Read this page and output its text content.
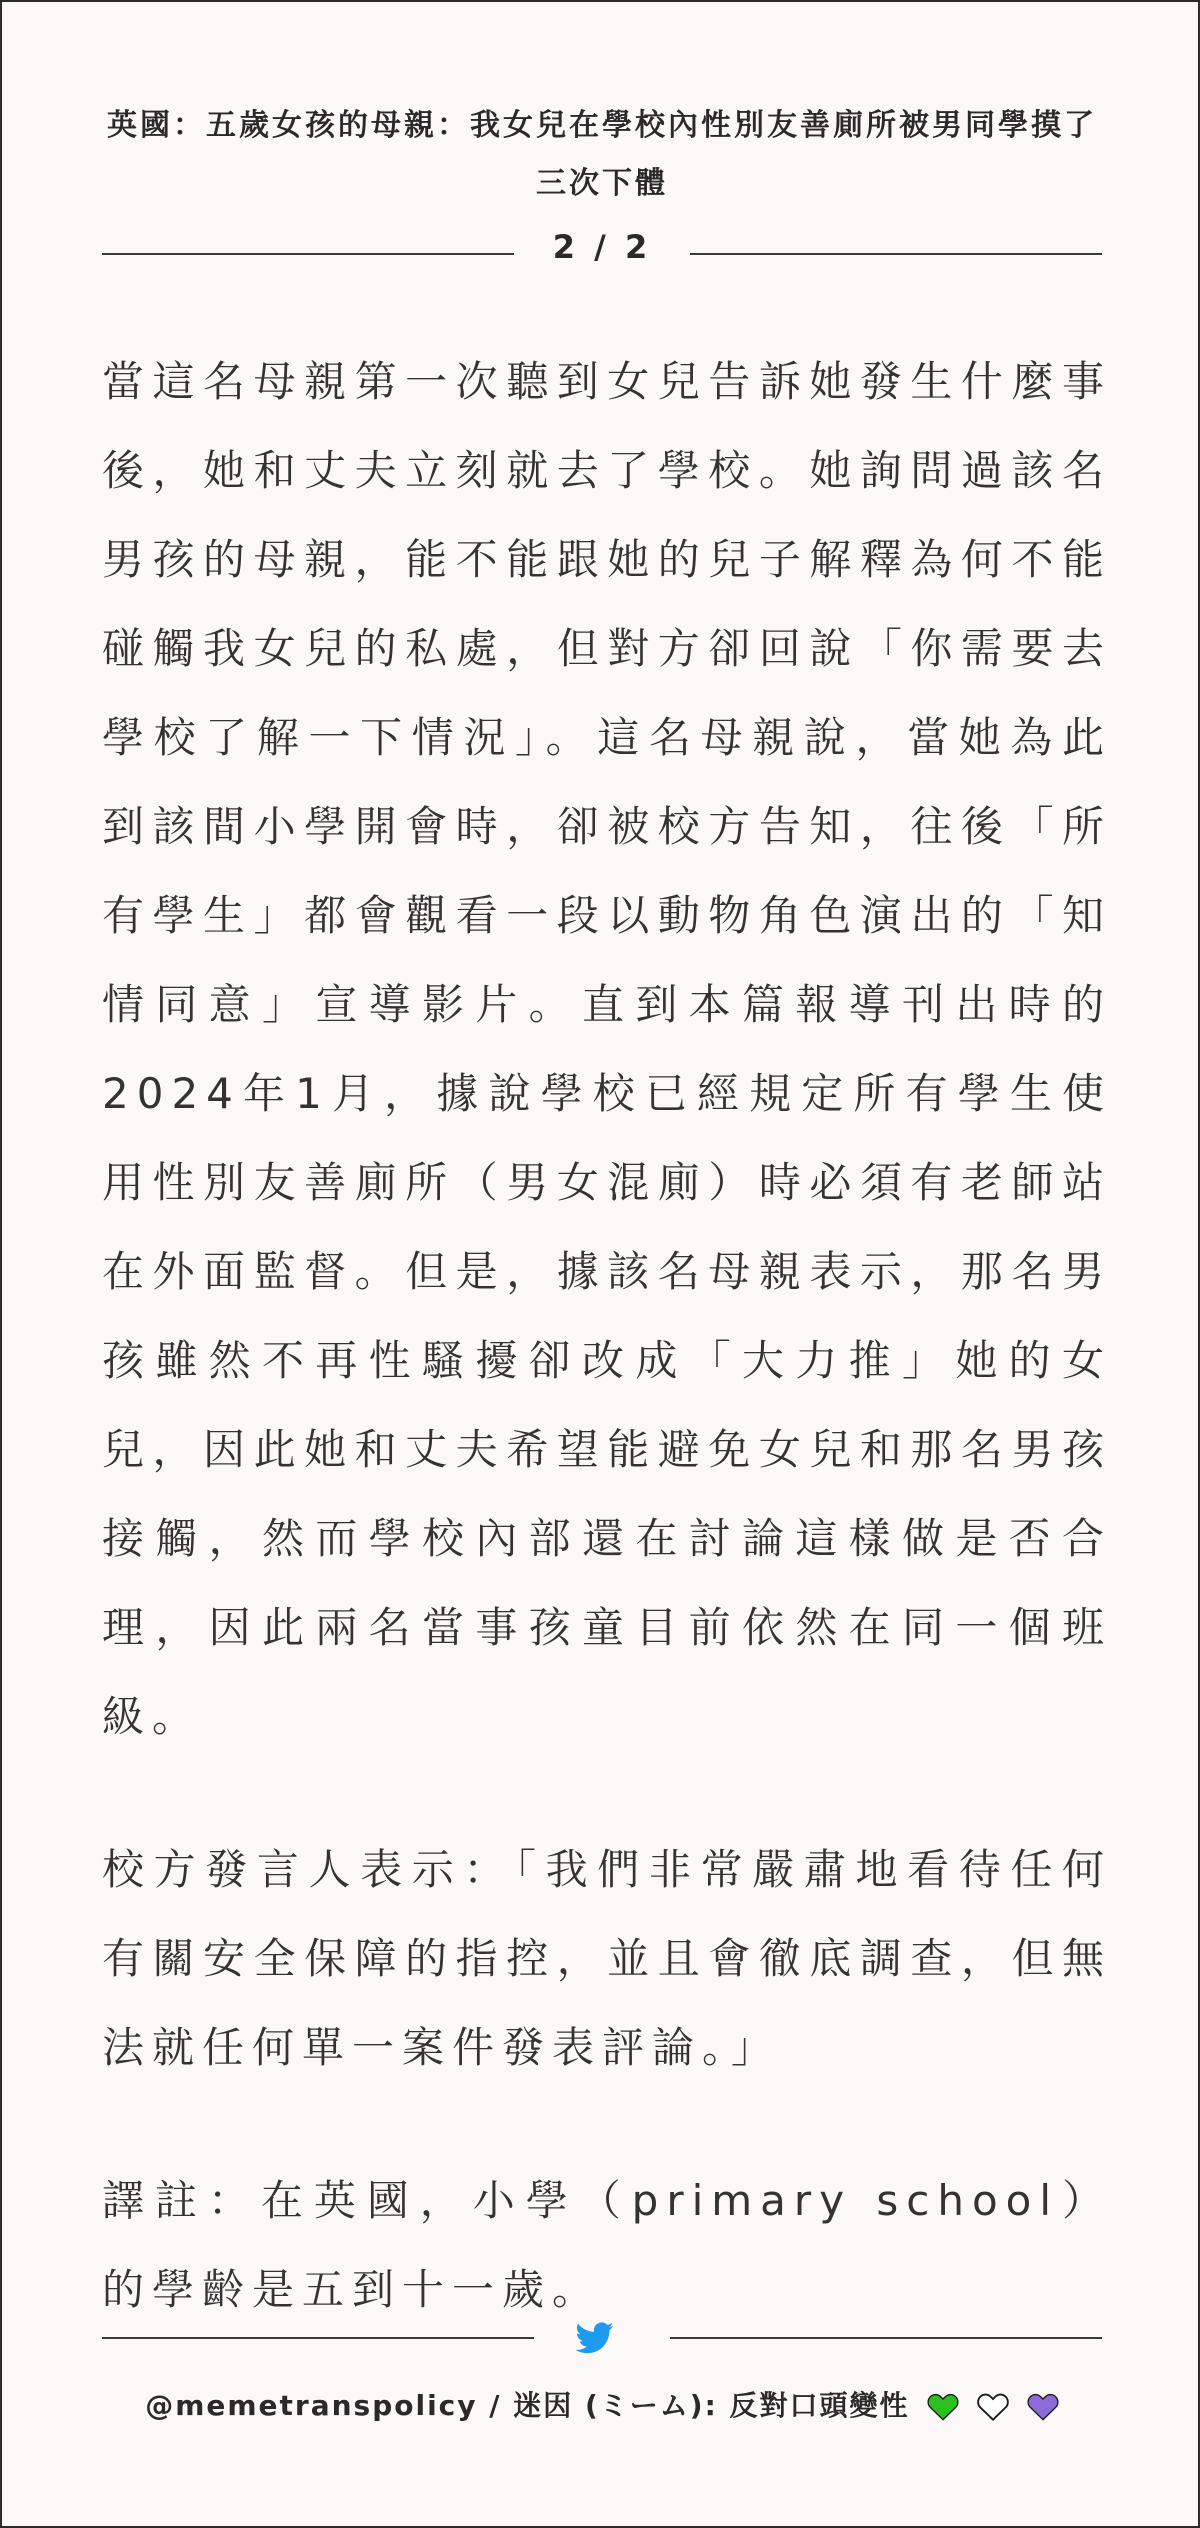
英國：五歲女孩的母親：我女兒在學校內性別友善廁所被男同學摸了三次下體
2 / 2

當這名母親第一次聽到女兒告訴她發生什麼事後，她和丈夫立刻就去了學校。她詢問過該名男孩的母親，能不能跟她的兒子解釋為何不能碰觸我女兒的私處，但對方卻回說「你需要去學校了解一下情況」。這名母親說，當她為此到該間小學開會時，卻被校方告知，往後「所有學生」都會觀看一段以動物角色演出的「知情同意」宣導影片。直到本篇報導刊出時的2024年1月，據說學校已經規定所有學生使用性別友善廁所（男女混廁）時必須有老師站在外面監督。但是，據該名母親表示，那名男孩雖然不再性騷擾卻改成「大力推」她的女兒，因此她和丈夫希望能避免女兒和那名男孩接觸，然而學校內部還在討論這樣做是否合理，因此兩名當事孩童目前依然在同一個班級。

校方發言人表示：「我們非常嚴肅地看待任何有關安全保障的指控，並且會徹底調查，但無法就任何單一案件發表評論。」

譯註：在英國，小學（primary school）的學齡是五到十一歲。

@memetranspolicy / 迷因 (ミーム): 反對口頭變性
